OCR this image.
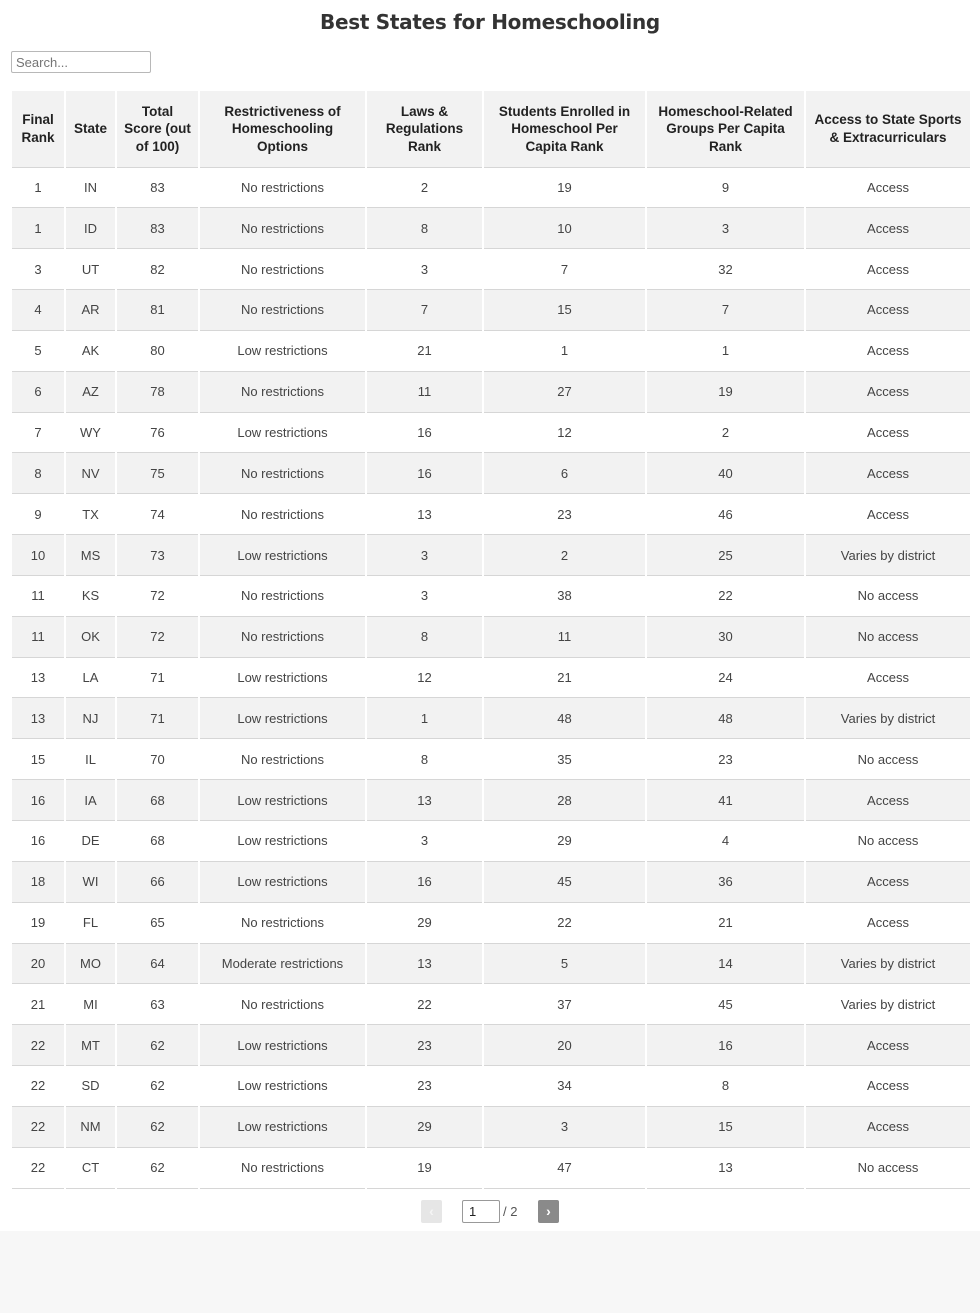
Best States for Homeschooling
Search...
Final Rank	State	Total Score (out of 100)	Restrictiveness of Homeschooling Options	Laws & Regulations Rank	Students Enrolled in Homeschool Per Capita Rank	Homeschool-Related Groups Per Capita Rank	Access to State Sports & Extracurriculars
1	IN	83	No restrictions	2	19	9	Access
1	ID	83	No restrictions	8	10	3	Access
3	UT	82	No restrictions	3	7	32	Access
4	AR	81	No restrictions	7	15	7	Access
5	AK	80	Low restrictions	21	1	1	Access
6	AZ	78	No restrictions	11	27	19	Access
7	WY	76	Low restrictions	16	12	2	Access
8	NV	75	No restrictions	16	6	40	Access
9	TX	74	No restrictions	13	23	46	Access
10	MS	73	Low restrictions	3	2	25	Varies by district
11	KS	72	No restrictions	3	38	22	No access
11	OK	72	No restrictions	8	11	30	No access
13	LA	71	Low restrictions	12	21	24	Access
13	NJ	71	Low restrictions	1	48	48	Varies by district
15	IL	70	No restrictions	8	35	23	No access
16	IA	68	Low restrictions	13	28	41	Access
16	DE	68	Low restrictions	3	29	4	No access
18	WI	66	Low restrictions	16	45	36	Access
19	FL	65	No restrictions	29	22	21	Access
20	MO	64	Moderate restrictions	13	5	14	Varies by district
21	MI	63	No restrictions	22	37	45	Varies by district
22	MT	62	Low restrictions	23	20	16	Access
22	SD	62	Low restrictions	23	34	8	Access
22	NM	62	Low restrictions	29	3	15	Access
22	CT	62	No restrictions	19	47	13	No access
‹
1	/ 2	›
